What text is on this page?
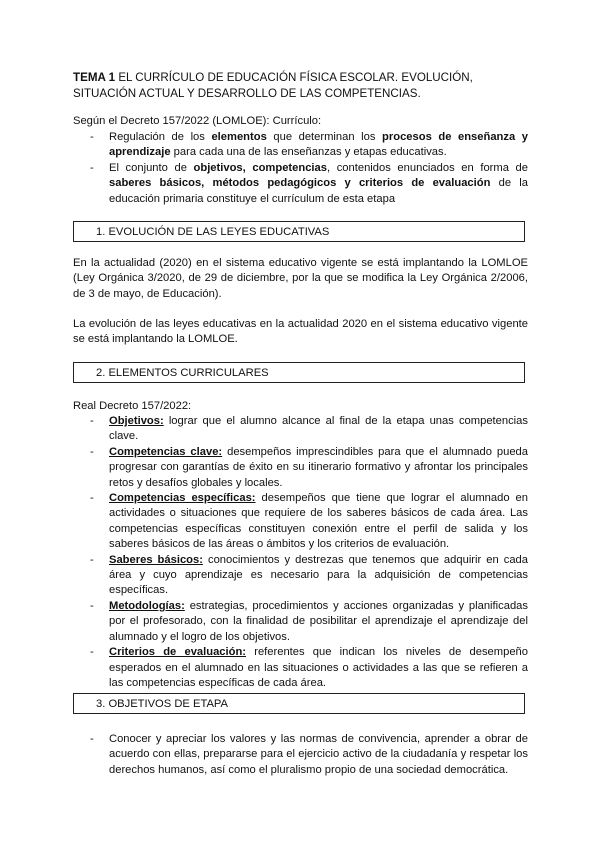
TEMA 1 EL CURRÍCULO DE EDUCACIÓN FÍSICA ESCOLAR. EVOLUCIÓN, SITUACIÓN ACTUAL Y DESARROLLO DE LAS COMPETENCIAS.
Según el Decreto 157/2022 (LOMLOE): Currículo:
- Regulación de los elementos que determinan los procesos de enseñanza y aprendizaje para cada una de las enseñanzas y etapas educativas.
- El conjunto de objetivos, competencias, contenidos enunciados en forma de saberes básicos, métodos pedagógicos y criterios de evaluación de la educación primaria constituye el currículum de esta etapa
1. EVOLUCIÓN DE LAS LEYES EDUCATIVAS
En la actualidad (2020) en el sistema educativo vigente se está implantando la LOMLOE (Ley Orgánica 3/2020, de 29 de diciembre, por la que se modifica la Ley Orgánica 2/2006, de 3 de mayo, de Educación).
La evolución de las leyes educativas en la actualidad 2020 en el sistema educativo vigente se está implantando la LOMLOE.
2. ELEMENTOS CURRICULARES
Real Decreto 157/2022:
- Objetivos: lograr que el alumno alcance al final de la etapa unas competencias clave.
- Competencias clave: desempeños imprescindibles para que el alumnado pueda progresar con garantías de éxito en su itinerario formativo y afrontar los principales retos y desafíos globales y locales.
- Competencias específicas: desempeños que tiene que lograr el alumnado en actividades o situaciones que requiere de los saberes básicos de cada área. Las competencias específicas constituyen conexión entre el perfil de salida y los saberes básicos de las áreas o ámbitos y los criterios de evaluación.
- Saberes básicos: conocimientos y destrezas que tenemos que adquirir en cada área y cuyo aprendizaje es necesario para la adquisición de competencias específicas.
- Metodologías: estrategias, procedimientos y acciones organizadas y planificadas por el profesorado, con la finalidad de posibilitar el aprendizaje el aprendizaje del alumnado y el logro de los objetivos.
- Criterios de evaluación: referentes que indican los niveles de desempeño esperados en el alumnado en las situaciones o actividades a las que se refieren a las competencias específicas de cada área.
3. OBJETIVOS DE ETAPA
- Conocer y apreciar los valores y las normas de convivencia, aprender a obrar de acuerdo con ellas, prepararse para el ejercicio activo de la ciudadanía y respetar los derechos humanos, así como el pluralismo propio de una sociedad democrática.
